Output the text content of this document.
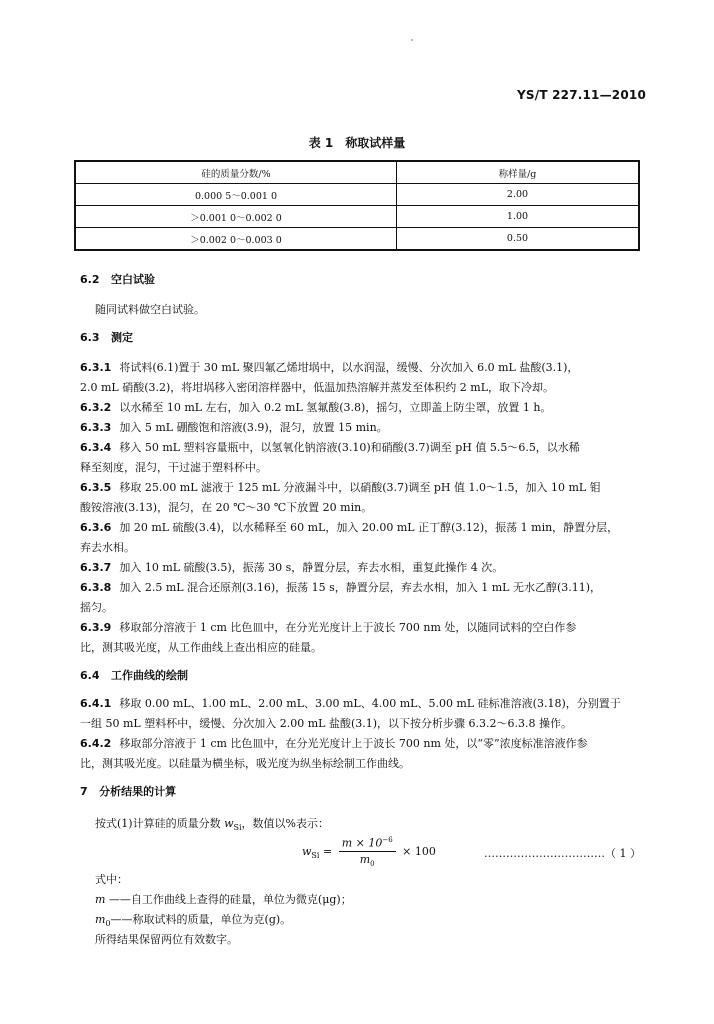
YS/T 227.11—2010
表 1　称取试样量
硅的质量分数/%	称样量/g
0.000 5～0.001 0	2.00
＞0.001 0～0.002 0	1.00
＞0.002 0～0.003 0	0.50
6.2 空白试验
随同试料做空白试验。
6.3 测定
6.3.1 将试料(6.1)置于 30 mL 聚四氟乙烯坩埚中，以水润湿，缓慢、分次加入 6.0 mL 盐酸(3.1)，
2.0 mL 硝酸(3.2)，将坩埚移入密闭溶样器中，低温加热溶解并蒸发至体积约 2 mL，取下冷却。
6.3.2 以水稀至 10 mL 左右，加入 0.2 mL 氢氟酸(3.8)，摇匀，立即盖上防尘罩，放置 1 h。
6.3.3 加入 5 mL 硼酸饱和溶液(3.9)，混匀，放置 15 min。
6.3.4 移入 50 mL 塑料容量瓶中，以氢氧化钠溶液(3.10)和硝酸(3.7)调至 pH 值 5.5～6.5，以水稀
释至刻度，混匀，干过滤于塑料杯中。
6.3.5 移取 25.00 mL 滤液于 125 mL 分液漏斗中，以硝酸(3.7)调至 pH 值 1.0～1.5，加入 10 mL 钼
酸铵溶液(3.13)，混匀，在 20 ℃～30 ℃下放置 20 min。
6.3.6 加 20 mL 硫酸(3.4)，以水稀释至 60 mL，加入 20.00 mL 正丁醇(3.12)，振荡 1 min，静置分层，
弃去水相。
6.3.7 加入 10 mL 硫酸(3.5)，振荡 30 s，静置分层，弃去水相，重复此操作 4 次。
6.3.8 加入 2.5 mL 混合还原剂(3.16)，振荡 15 s，静置分层，弃去水相，加入 1 mL 无水乙醇(3.11)，
摇匀。
6.3.9 移取部分溶液于 1 cm 比色皿中，在分光光度计上于波长 700 nm 处，以随同试料的空白作参
比，测其吸光度，从工作曲线上查出相应的硅量。
6.4 工作曲线的绘制
6.4.1 移取 0.00 mL、1.00 mL、2.00 mL、3.00 mL、4.00 mL、5.00 mL 硅标准溶液(3.18)，分别置于
一组 50 mL 塑料杯中，缓慢、分次加入 2.00 mL 盐酸(3.1)，以下按分析步骤 6.3.2～6.3.8 操作。
6.4.2 移取部分溶液于 1 cm 比色皿中，在分光光度计上于波长 700 nm 处，以“零”浓度标准溶液作参
比，测其吸光度。以硅量为横坐标，吸光度为纵坐标绘制工作曲线。
7 分析结果的计算
按式(1)计算硅的质量分数 $w_{Si}$，数值以%表示：
$w_{Si} = \frac{m \times 10^{-6}}{m_0} \times 100$	……………………………（ 1 ）
式中：
m ——自工作曲线上查得的硅量，单位为微克(μg)；
$m_0——$称取试料的质量，单位为克(g)。
所得结果保留两位有效数字。
